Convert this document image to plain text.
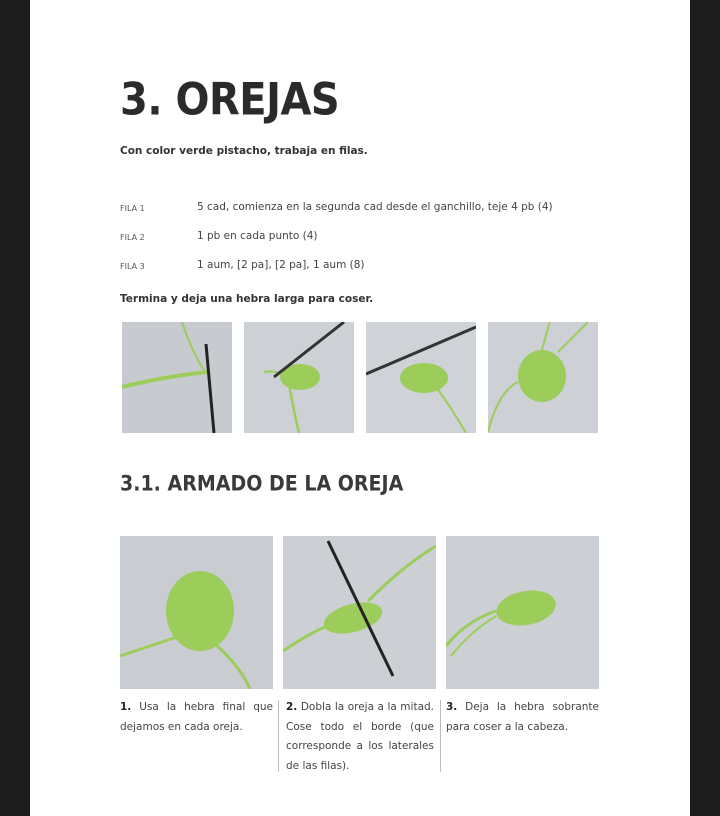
3. OREJAS
Con color verde pistacho, trabaja en filas.
FILA 1	5 cad, comienza en la segunda cad desde el ganchillo, teje 4 pb (4)
FILA 2	1 pb en cada punto (4)
FILA 3	1 aum, [2 pa], [2 pa], 1 aum (8)
Termina y deja una hebra larga para coser.
3.1. ARMADO DE LA OREJA
1. Usa la hebra final que dejamos en cada oreja.
2. Dobla la oreja a la mitad. Cose todo el borde (que corresponde a los laterales de las filas).
3. Deja la hebra sobrante para coser a la cabeza.
